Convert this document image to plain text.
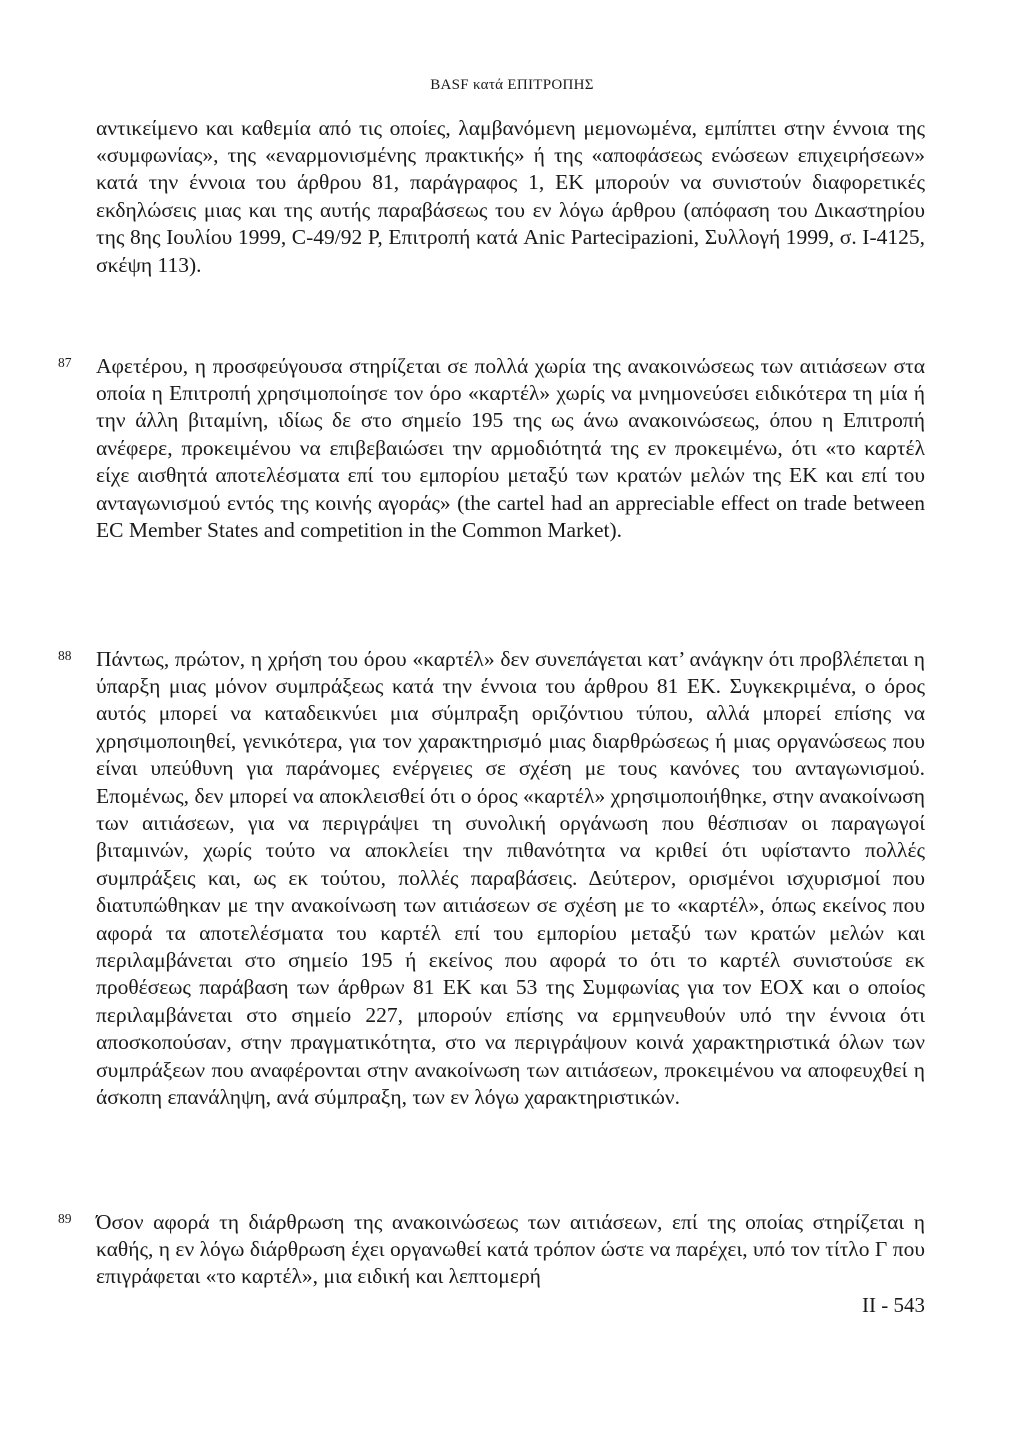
BASF κατά ΕΠΙΤΡΟΠΗΣ

αντικείμενο και καθεμία από τις οποίες, λαμβανόμενη μεμονωμένα, εμπίπτει στην έννοια της «συμφωνίας», της «εναρμονισμένης πρακτικής» ή της «αποφάσεως ενώσεων επιχειρήσεων» κατά την έννοια του άρθρου 81, παράγραφος 1, ΕΚ μπορούν να συνιστούν διαφορετικές εκδηλώσεις μιας και της αυτής παραβάσεως του εν λόγω άρθρου (απόφαση του Δικαστηρίου της 8ης Ιουλίου 1999, C-49/92 P, Επιτροπή κατά Anic Partecipazioni, Συλλογή 1999, σ. I-4125, σκέψη 113).

87 Αφετέρου, η προσφεύγουσα στηρίζεται σε πολλά χωρία της ανακοινώσεως των αιτιάσεων στα οποία η Επιτροπή χρησιμοποίησε τον όρο «καρτέλ» χωρίς να μνημονεύσει ειδικότερα τη μία ή την άλλη βιταμίνη, ιδίως δε στο σημείο 195 της ως άνω ανακοινώσεως, όπου η Επιτροπή ανέφερε, προκειμένου να επιβεβαιώσει την αρμοδιότητά της εν προκειμένω, ότι «το καρτέλ είχε αισθητά αποτελέσματα επί του εμπορίου μεταξύ των κρατών μελών της ΕΚ και επί του ανταγωνισμού εντός της κοινής αγοράς» (the cartel had an appreciable effect on trade between EC Member States and competition in the Common Market).

88 Πάντως, πρώτον, η χρήση του όρου «καρτέλ» δεν συνεπάγεται κατ’ ανάγκην ότι προβλέπεται η ύπαρξη μιας μόνον συμπράξεως κατά την έννοια του άρθρου 81 ΕΚ. Συγκεκριμένα, ο όρος αυτός μπορεί να καταδεικνύει μια σύμπραξη οριζόντιου τύπου, αλλά μπορεί επίσης να χρησιμοποιηθεί, γενικότερα, για τον χαρακτηρισμό μιας διαρθρώσεως ή μιας οργανώσεως που είναι υπεύθυνη για παράνομες ενέργειες σε σχέση με τους κανόνες του ανταγωνισμού. Επομένως, δεν μπορεί να αποκλεισθεί ότι ο όρος «καρτέλ» χρησιμοποιήθηκε, στην ανακοίνωση των αιτιάσεων, για να περιγράψει τη συνολική οργάνωση που θέσπισαν οι παραγωγοί βιταμινών, χωρίς τούτο να αποκλείει την πιθανότητα να κριθεί ότι υφίσταντο πολλές συμπράξεις και, ως εκ τούτου, πολλές παραβάσεις. Δεύτερον, ορισμένοι ισχυρισμοί που διατυπώθηκαν με την ανακοίνωση των αιτιάσεων σε σχέση με το «καρτέλ», όπως εκείνος που αφορά τα αποτελέσματα του καρτέλ επί του εμπορίου μεταξύ των κρατών μελών και περιλαμβάνεται στο σημείο 195 ή εκείνος που αφορά το ότι το καρτέλ συνιστούσε εκ προθέσεως παράβαση των άρθρων 81 ΕΚ και 53 της Συμφωνίας για τον ΕΟΧ και ο οποίος περιλαμβάνεται στο σημείο 227, μπορούν επίσης να ερμηνευθούν υπό την έννοια ότι αποσκοπούσαν, στην πραγματικότητα, στο να περιγράψουν κοινά χαρακτηριστικά όλων των συμπράξεων που αναφέρονται στην ανακοίνωση των αιτιάσεων, προκειμένου να αποφευχθεί η άσκοπη επανάληψη, ανά σύμπραξη, των εν λόγω χαρακτηριστικών.

89 Όσον αφορά τη διάρθρωση της ανακοινώσεως των αιτιάσεων, επί της οποίας στηρίζεται η καθής, η εν λόγω διάρθρωση έχει οργανωθεί κατά τρόπον ώστε να παρέχει, υπό τον τίτλο Γ που επιγράφεται «το καρτέλ», μια ειδική και λεπτομερή

II - 543
